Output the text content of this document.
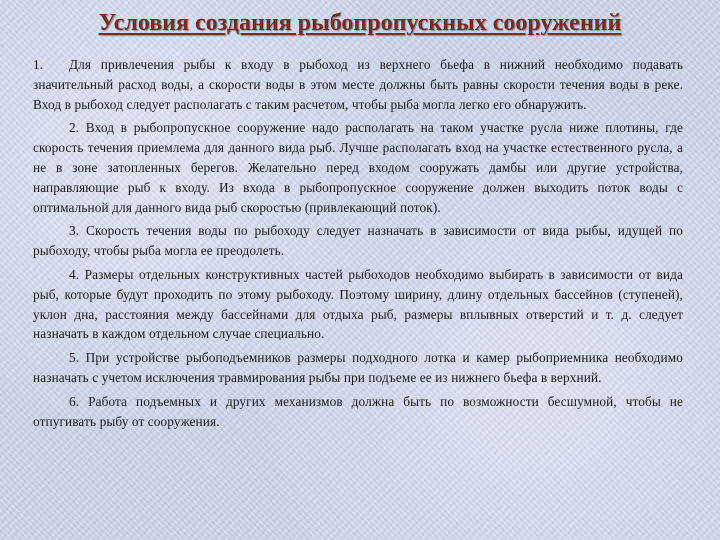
Условия создания рыбопропускных сооружений

1. Для привлечения рыбы к входу в рыбоход из верхнего бьефа в нижний необходимо подавать значительный расход воды, а скорости воды в этом месте должны быть равны скорости течения воды в реке. Вход в рыбоход следует располагать с таким расчетом, чтобы рыба могла легко его обнаружить.

2. Вход в рыбопропускное сооружение надо располагать на таком участке русла ниже плотины, где скорость течения приемлема для данного вида рыб. Лучше располагать вход на участке естественного русла, а не в зоне затопленных берегов. Желательно перед входом сооружать дамбы или другие устройства, направляющие рыб к входу. Из входа в рыбопропускное сооружение должен выходить поток воды с оптимальной для данного вида рыб скоростью (привлекающий поток).

3. Скорость течения воды по рыбоходу следует назначать в зависимости от вида рыбы, идущей по рыбоходу, чтобы рыба могла ее преодолеть.

4. Размеры отдельных конструктивных частей рыбоходов необходимо выбирать в зависимости от вида рыб, которые будут проходить по этому рыбоходу. Поэтому ширину, длину отдельных бассейнов (ступеней), уклон дна, расстояния между бассейнами для отдыха рыб, размеры вплывных отверстий и т. д. следует назначать в каждом отдельном случае специально.

5. При устройстве рыбоподъемников размеры подходного лотка и камер рыбоприемника необходимо назначать с учетом исключения травмирования рыбы при подъеме ее из нижнего бьефа в верхний.

6. Работа подъемных и других механизмов должна быть по возможности бесшумной, чтобы не отпугивать рыбу от сооружения.
